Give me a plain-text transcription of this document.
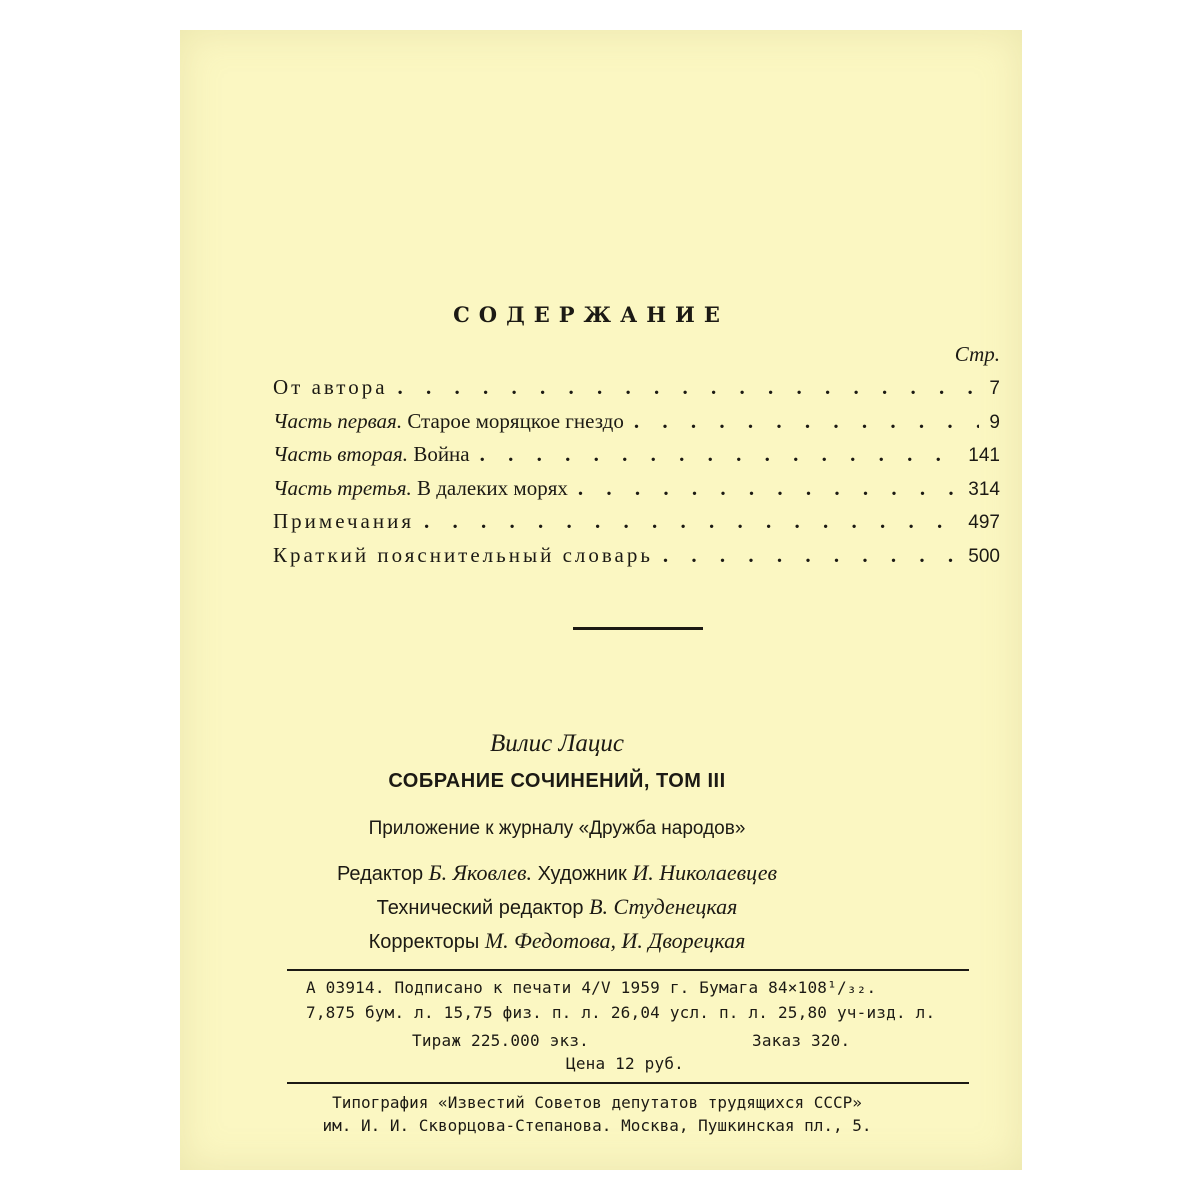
СОДЕРЖАНИЕ
Стр.
От автора . . .	7
Часть первая. Старое моряцкое гнездо . . .	9
Часть вторая. Война . . .	141
Часть третья. В далеких морях . . .	314
Примечания . . .	497
Краткий пояснительный словарь . . .	500
Вилис Лацис
СОБРАНИЕ СОЧИНЕНИЙ, ТОМ III
Приложение к журналу «Дружба народов»
Редактор Б. Яковлев. Художник И. Николаевцев
Технический редактор В. Студенецкая
Корректоры М. Федотова, И. Дворецкая
А 03914. Подписано к печати 4/V 1959 г. Бумага 84×108¹/₃₂.
7,875 бум. л. 15,75 физ. п. л. 26,04 усл. п. л. 25,80 уч-изд. л.
Тираж 225.000 экз.	Заказ 320.
Цена 12 руб.
Типография «Известий Советов депутатов трудящихся СССР»
им. И. И. Скворцова-Степанова. Москва, Пушкинская пл., 5.
